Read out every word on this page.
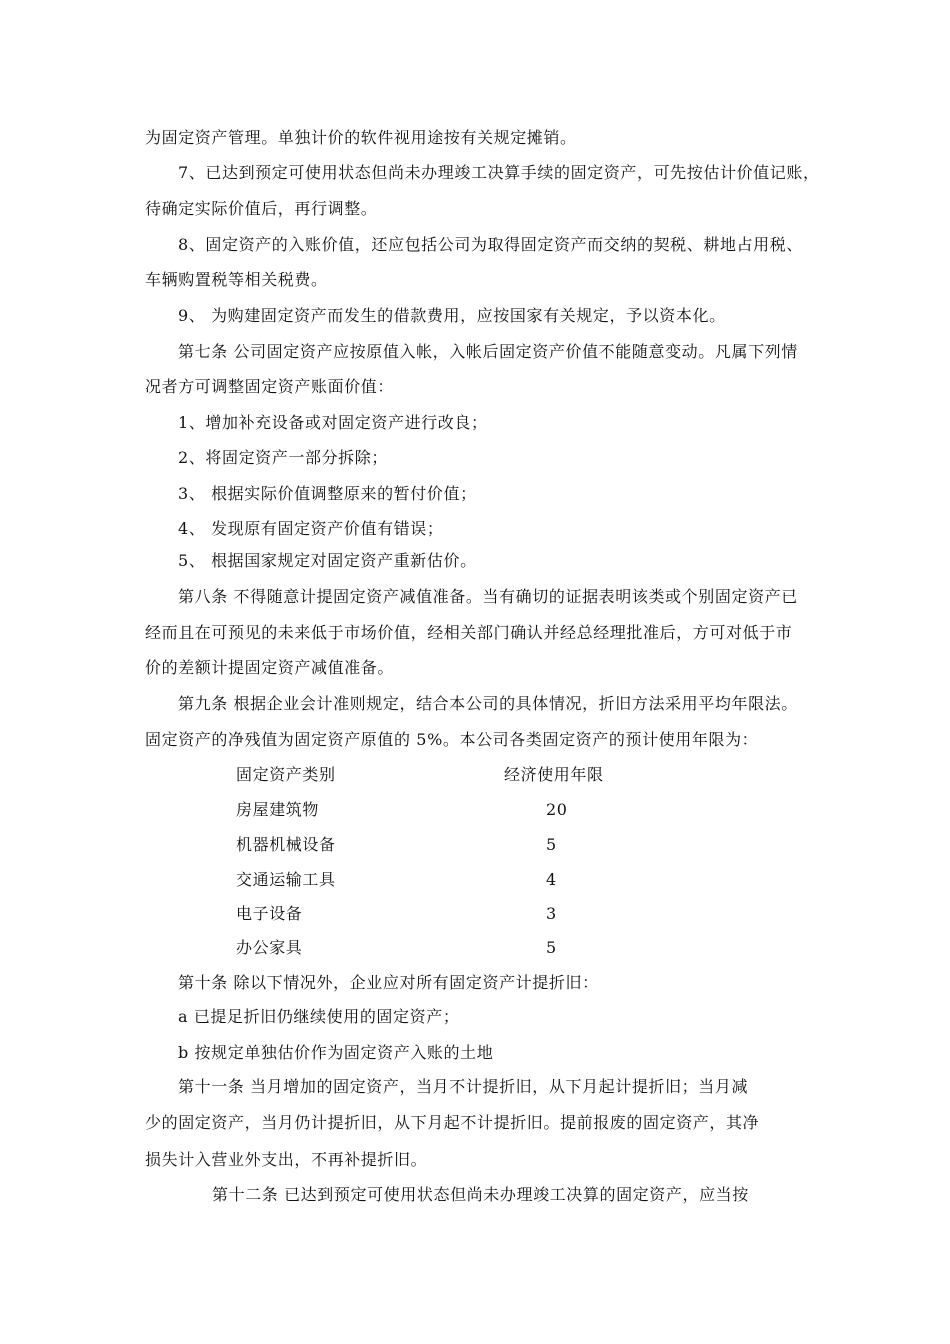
为固定资产管理。单独计价的软件视用途按有关规定摊销。
7、已达到预定可使用状态但尚未办理竣工决算手续的固定资产，可先按估计价值记账，
待确定实际价值后，再行调整。
8、固定资产的入账价值，还应包括公司为取得固定资产而交纳的契税、耕地占用税、
车辆购置税等相关税费。
9、 为购建固定资产而发生的借款费用，应按国家有关规定，予以资本化。
第七条 公司固定资产应按原值入帐，入帐后固定资产价值不能随意变动。凡属下列情
况者方可调整固定资产账面价值：
1、增加补充设备或对固定资产进行改良；
2、将固定资产一部分拆除；
3、 根据实际价值调整原来的暂付价值；
4、 发现原有固定资产价值有错误；
5、 根据国家规定对固定资产重新估价。
第八条 不得随意计提固定资产减值准备。当有确切的证据表明该类或个别固定资产已
经而且在可预见的未来低于市场价值，经相关部门确认并经总经理批准后，方可对低于市
价的差额计提固定资产减值准备。
第九条 根据企业会计准则规定，结合本公司的具体情况，折旧方法采用平均年限法。
固定资产的净残值为固定资产原值的 5%。本公司各类固定资产的预计使用年限为：
固定资产类别	经济使用年限
房屋建筑物	20
机器机械设备	5
交通运输工具	4
电子设备	3
办公家具	5
第十条 除以下情况外，企业应对所有固定资产计提折旧：
a 已提足折旧仍继续使用的固定资产；
b 按规定单独估价作为固定资产入账的土地
第十一条 当月增加的固定资产，当月不计提折旧，从下月起计提折旧；当月减
少的固定资产，当月仍计提折旧，从下月起不计提折旧。提前报废的固定资产，其净
损失计入营业外支出，不再补提折旧。
第十二条 已达到预定可使用状态但尚未办理竣工决算的固定资产，应当按
